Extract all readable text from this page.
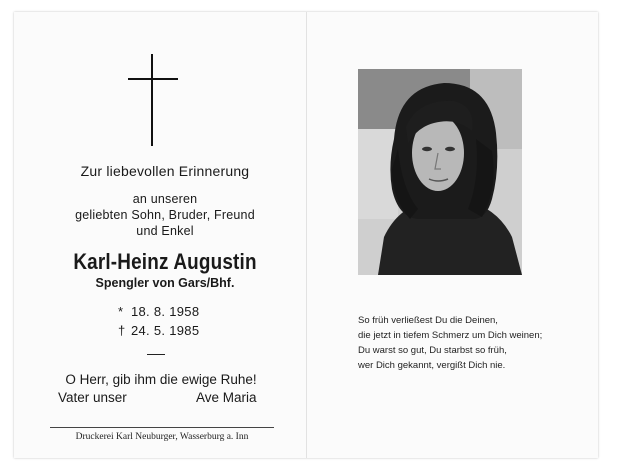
Zur liebevollen Erinnerung
an unseren
geliebten Sohn, Bruder, Freund
und Enkel
Karl-Heinz Augustin
Spengler von Gars/Bhf.
* 18. 8. 1958
† 24. 5. 1985
O Herr, gib ihm die ewige Ruhe!
Vater unser	Ave Maria
Druckerei Karl Neuburger, Wasserburg a. Inn
So früh verließest Du die Deinen,
die jetzt in tiefem Schmerz um Dich weinen;
Du warst so gut, Du starbst so früh,
wer Dich gekannt, vergißt Dich nie.
